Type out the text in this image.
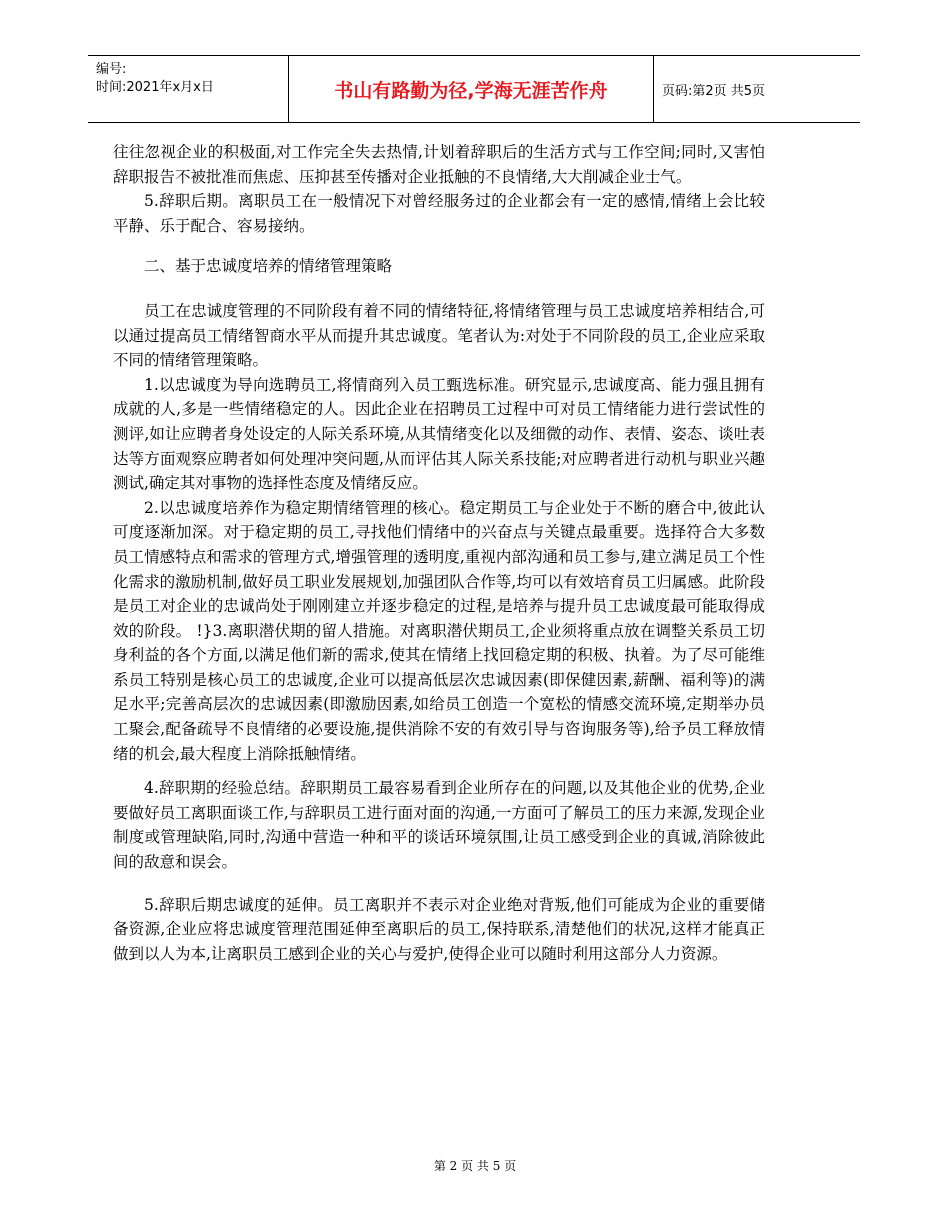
编号:
时间:2021年x月x日	书山有路勤为径,学海无涯苦作舟	页码:第2页 共5页

往往忽视企业的积极面,对工作完全失去热情,计划着辞职后的生活方式与工作空间;同时,又害怕辞职报告不被批准而焦虑、压抑甚至传播对企业抵触的不良情绪,大大削减企业士气。

5.辞职后期。离职员工在一般情况下对曾经服务过的企业都会有一定的感情,情绪上会比较平静、乐于配合、容易接纳。

二、基于忠诚度培养的情绪管理策略

员工在忠诚度管理的不同阶段有着不同的情绪特征,将情绪管理与员工忠诚度培养相结合,可以通过提高员工情绪智商水平从而提升其忠诚度。笔者认为:对处于不同阶段的员工,企业应采取不同的情绪管理策略。

1.以忠诚度为导向选聘员工,将情商列入员工甄选标准。研究显示,忠诚度高、能力强且拥有成就的人,多是一些情绪稳定的人。因此企业在招聘员工过程中可对员工情绪能力进行尝试性的测评,如让应聘者身处设定的人际关系环境,从其情绪变化以及细微的动作、表情、姿态、谈吐表达等方面观察应聘者如何处理冲突问题,从而评估其人际关系技能;对应聘者进行动机与职业兴趣测试,确定其对事物的选择性态度及情绪反应。

2.以忠诚度培养作为稳定期情绪管理的核心。稳定期员工与企业处于不断的磨合中,彼此认可度逐渐加深。对于稳定期的员工,寻找他们情绪中的兴奋点与关键点最重要。选择符合大多数员工情感特点和需求的管理方式,增强管理的透明度,重视内部沟通和员工参与,建立满足员工个性化需求的激励机制,做好员工职业发展规划,加强团队合作等,均可以有效培育员工归属感。此阶段是员工对企业的忠诚尚处于刚刚建立并逐步稳定的过程,是培养与提升员工忠诚度最可能取得成效的阶段。 !}3.离职潜伏期的留人措施。对离职潜伏期员工,企业须将重点放在调整关系员工切身利益的各个方面,以满足他们新的需求,使其在情绪上找回稳定期的积极、执着。为了尽可能维系员工特别是核心员工的忠诚度,企业可以提高低层次忠诚因素(即保健因素,薪酬、福利等)的满足水平;完善高层次的忠诚因素(即激励因素,如给员工创造一个宽松的情感交流环境,定期举办员工聚会,配备疏导不良情绪的必要设施,提供消除不安的有效引导与咨询服务等),给予员工释放情绪的机会,最大程度上消除抵触情绪。

4.辞职期的经验总结。辞职期员工最容易看到企业所存在的问题,以及其他企业的优势,企业要做好员工离职面谈工作,与辞职员工进行面对面的沟通,一方面可了解员工的压力来源,发现企业制度或管理缺陷,同时,沟通中营造一种和平的谈话环境氛围,让员工感受到企业的真诚,消除彼此间的敌意和误会。

5.辞职后期忠诚度的延伸。员工离职并不表示对企业绝对背叛,他们可能成为企业的重要储备资源,企业应将忠诚度管理范围延伸至离职后的员工,保持联系,清楚他们的状况,这样才能真正做到以人为本,让离职员工感到企业的关心与爱护,使得企业可以随时利用这部分人力资源。

第 2 页 共 5 页
